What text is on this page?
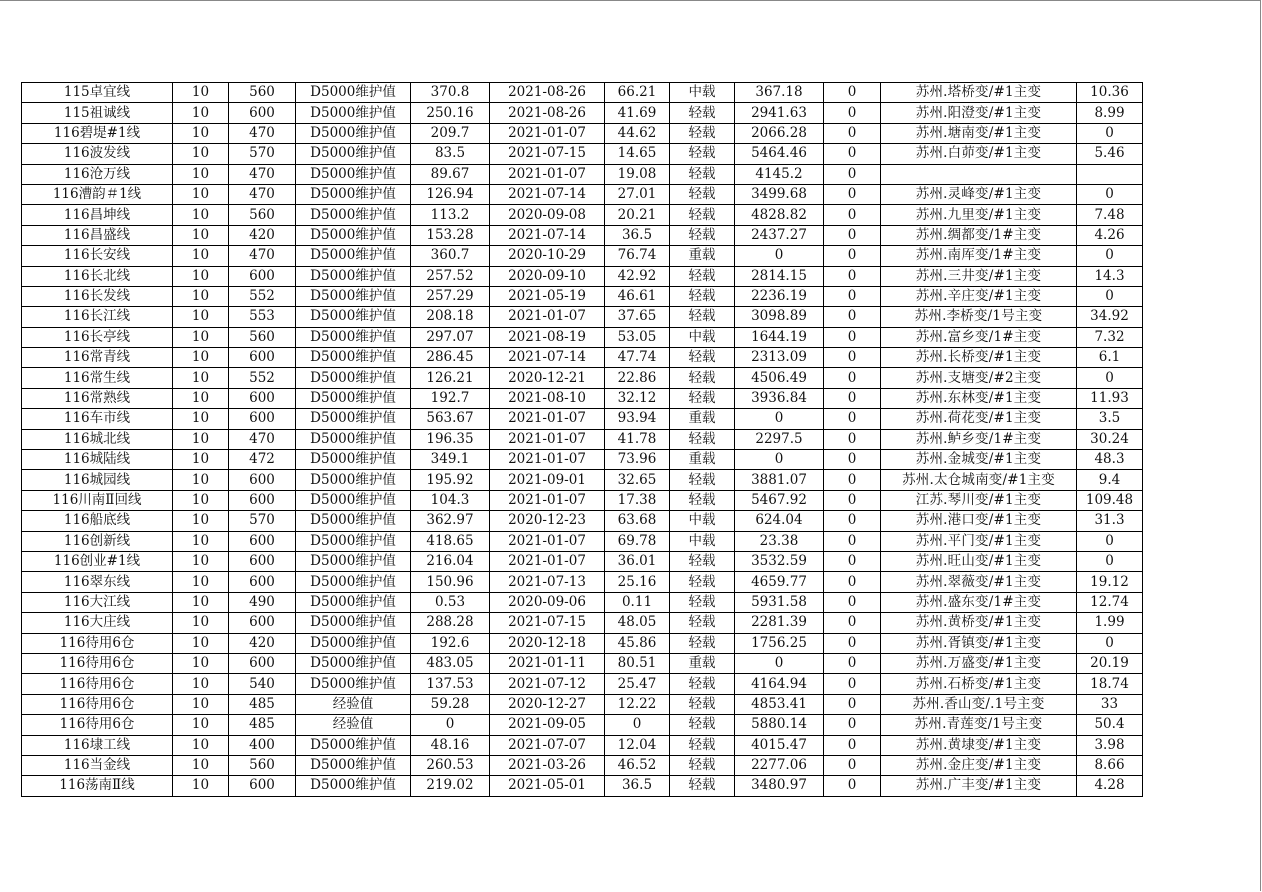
115卓宜线	10	560	D5000维护值	370.8	2021-08-26	66.21	中载	367.18	0	苏州.塔桥变/#1主变	10.36
115祖诚线	10	600	D5000维护值	250.16	2021-08-26	41.69	轻载	2941.63	0	苏州.阳澄变/#1主变	8.99
116碧堤#1线	10	470	D5000维护值	209.7	2021-01-07	44.62	轻载	2066.28	0	苏州.塘南变/#1主变	0
116波发线	10	570	D5000维护值	83.5	2021-07-15	14.65	轻载	5464.46	0	苏州.白茆变/#1主变	5.46
116沧万线	10	470	D5000维护值	89.67	2021-01-07	19.08	轻载	4145.2	0		
116漕韵＃1线	10	470	D5000维护值	126.94	2021-07-14	27.01	轻载	3499.68	0	苏州.灵峰变/#1主变	0
116昌坤线	10	560	D5000维护值	113.2	2020-09-08	20.21	轻载	4828.82	0	苏州.九里变/#1主变	7.48
116昌盛线	10	420	D5000维护值	153.28	2021-07-14	36.5	轻载	2437.27	0	苏州.绸都变/1#主变	4.26
116长安线	10	470	D5000维护值	360.7	2020-10-29	76.74	重载	0	0	苏州.南厍变/1#主变	0
116长北线	10	600	D5000维护值	257.52	2020-09-10	42.92	轻载	2814.15	0	苏州.三井变/#1主变	14.3
116长发线	10	552	D5000维护值	257.29	2021-05-19	46.61	轻载	2236.19	0	苏州.辛庄变/#1主变	0
116长江线	10	553	D5000维护值	208.18	2021-01-07	37.65	轻载	3098.89	0	苏州.李桥变/1号主变	34.92
116长亭线	10	560	D5000维护值	297.07	2021-08-19	53.05	中载	1644.19	0	苏州.富乡变/1#主变	7.32
116常青线	10	600	D5000维护值	286.45	2021-07-14	47.74	轻载	2313.09	0	苏州.长桥变/#1主变	6.1
116常生线	10	552	D5000维护值	126.21	2020-12-21	22.86	轻载	4506.49	0	苏州.支塘变/#2主变	0
116常熟线	10	600	D5000维护值	192.7	2021-08-10	32.12	轻载	3936.84	0	苏州.东林变/#1主变	11.93
116车市线	10	600	D5000维护值	563.67	2021-01-07	93.94	重载	0	0	苏州.荷花变/#1主变	3.5
116城北线	10	470	D5000维护值	196.35	2021-01-07	41.78	轻载	2297.5	0	苏州.鲈乡变/1#主变	30.24
116城陆线	10	472	D5000维护值	349.1	2021-01-07	73.96	重载	0	0	苏州.金城变/#1主变	48.3
116城园线	10	600	D5000维护值	195.92	2021-09-01	32.65	轻载	3881.07	0	苏州.太仓城南变/#1主变	9.4
116川南Ⅱ回线	10	600	D5000维护值	104.3	2021-01-07	17.38	轻载	5467.92	0	江苏.琴川变/#1主变	109.48
116船底线	10	570	D5000维护值	362.97	2020-12-23	63.68	中载	624.04	0	苏州.港口变/#1主变	31.3
116创新线	10	600	D5000维护值	418.65	2021-01-07	69.78	中载	23.38	0	苏州.平门变/#1主变	0
116创业#1线	10	600	D5000维护值	216.04	2021-01-07	36.01	轻载	3532.59	0	苏州.旺山变/#1主变	0
116翠东线	10	600	D5000维护值	150.96	2021-07-13	25.16	轻载	4659.77	0	苏州.翠薇变/#1主变	19.12
116大江线	10	490	D5000维护值	0.53	2020-09-06	0.11	轻载	5931.58	0	苏州.盛东变/1#主变	12.74
116大庄线	10	600	D5000维护值	288.28	2021-07-15	48.05	轻载	2281.39	0	苏州.黄桥变/#1主变	1.99
116待用6仓	10	420	D5000维护值	192.6	2020-12-18	45.86	轻载	1756.25	0	苏州.胥镇变/#1主变	0
116待用6仓	10	600	D5000维护值	483.05	2021-01-11	80.51	重载	0	0	苏州.万盛变/#1主变	20.19
116待用6仓	10	540	D5000维护值	137.53	2021-07-12	25.47	轻载	4164.94	0	苏州.石桥变/#1主变	18.74
116待用6仓	10	485	经验值	59.28	2020-12-27	12.22	轻载	4853.41	0	苏州.香山变/.1号主变	33
116待用6仓	10	485	经验值	0	2021-09-05	0	轻载	5880.14	0	苏州.青莲变/1号主变	50.4
116埭工线	10	400	D5000维护值	48.16	2021-07-07	12.04	轻载	4015.47	0	苏州.黄埭变/#1主变	3.98
116当金线	10	560	D5000维护值	260.53	2021-03-26	46.52	轻载	2277.06	0	苏州.金庄变/#1主变	8.66
116荡南Ⅱ线	10	600	D5000维护值	219.02	2021-05-01	36.5	轻载	3480.97	0	苏州.广丰变/#1主变	4.28
